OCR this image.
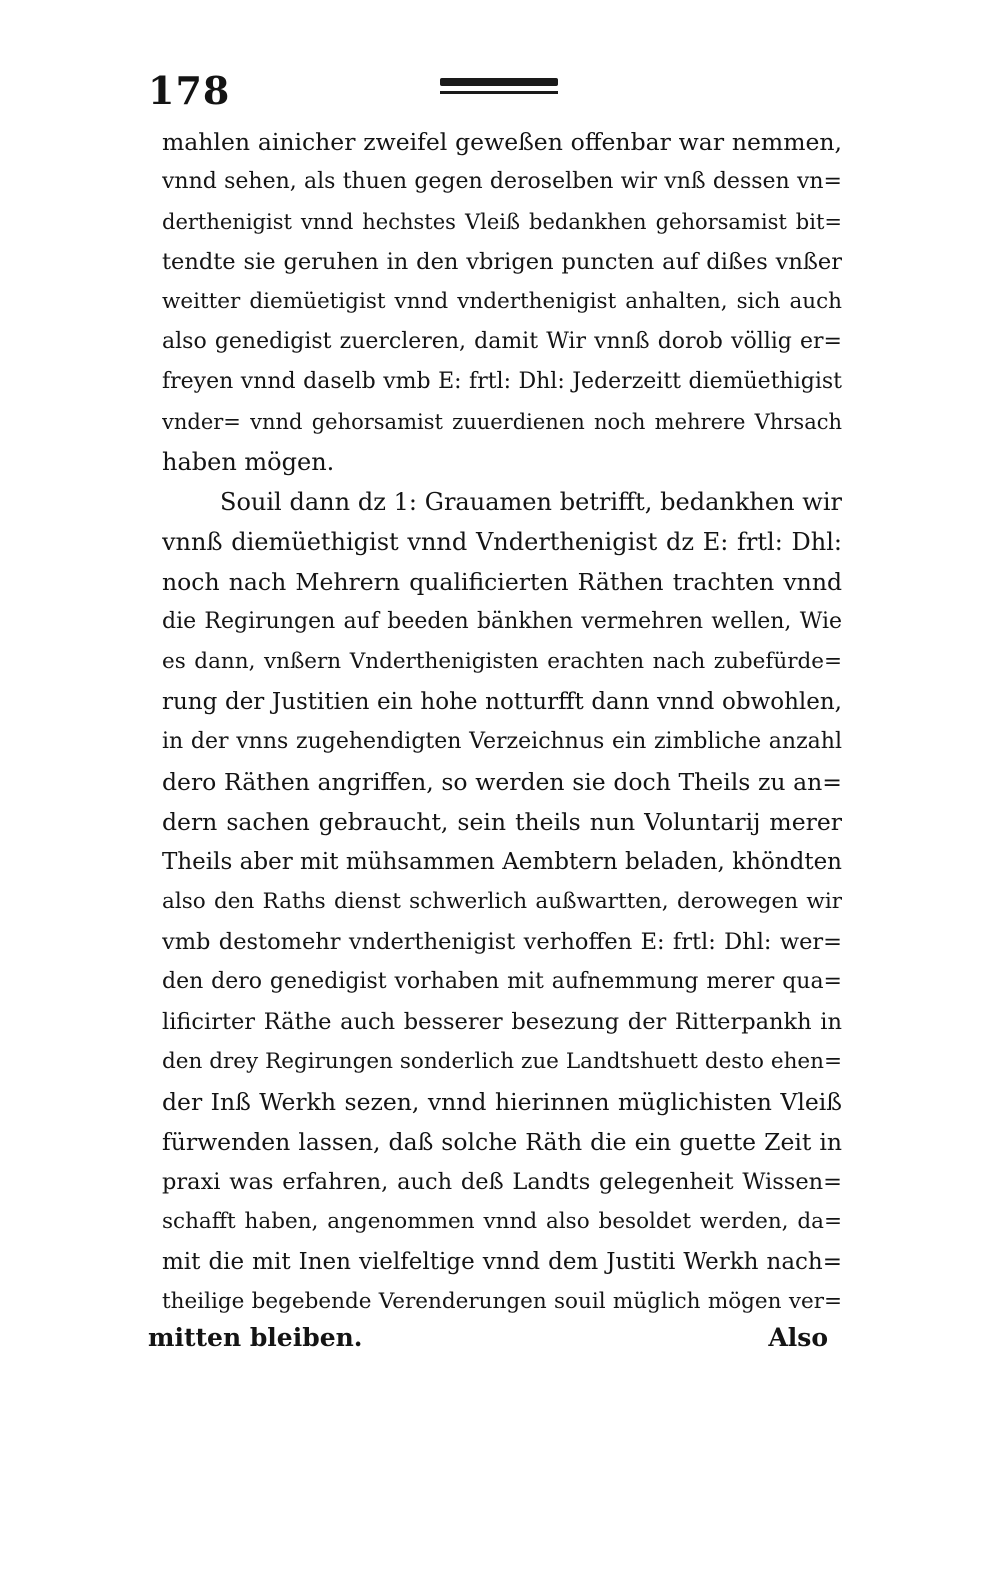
178
mahlen ainicher zweifel geweßen offenbar war nemmen,
vnnd sehen, als thuen gegen deroselben wir vnß dessen vn=
derthenigist vnnd hechstes Vleiß bedankhen gehorsamist bit=
tendte sie geruhen in den vbrigen puncten auf dißes vnßer
weitter diemüetigist vnnd vnderthenigist anhalten, sich auch
also genedigist zuercleren, damit Wir vnnß dorob völlig er=
freyen vnnd daselb vmb E: frtl: Dhl: Jederzeitt diemüethigist
vnder= vnnd gehorsamist zuuerdienen noch mehrere Vhrsach
haben mögen.
Souil dann dz 1: Grauamen betrifft, bedankhen wir
vnnß diemüethigist vnnd Vnderthenigist dz E: frtl: Dhl:
noch nach Mehrern qualificierten Räthen trachten vnnd
die Regirungen auf beeden bänkhen vermehren wellen, Wie
es dann, vnßern Vnderthenigisten erachten nach zubefürde=
rung der Justitien ein hohe notturfft dann vnnd obwohlen,
in der vnns zugehendigten Verzeichnus ein zimbliche anzahl
dero Räthen angriffen, so werden sie doch Theils zu an=
dern sachen gebraucht, sein theils nun Voluntarij merer
Theils aber mit mühsammen Aembtern beladen, khöndten
also den Raths dienst schwerlich außwartten, derowegen wir
vmb destomehr vnderthenigist verhoffen E: frtl: Dhl: wer=
den dero genedigist vorhaben mit aufnemmung merer qua=
lificirter Räthe auch besserer besezung der Ritterpankh in
den drey Regirungen sonderlich zue Landtshuett desto ehen=
der Inß Werkh sezen, vnnd hierinnen müglichisten Vleiß
fürwenden lassen, daß solche Räth die ein guette Zeit in
praxi was erfahren, auch deß Landts gelegenheit Wissen=
schafft haben, angenommen vnnd also besoldet werden, da=
mit die mit Inen vielfeltige vnnd dem Justiti Werkh nach=
theilige begebende Verenderungen souil müglich mögen ver=
mitten bleiben.	Also
